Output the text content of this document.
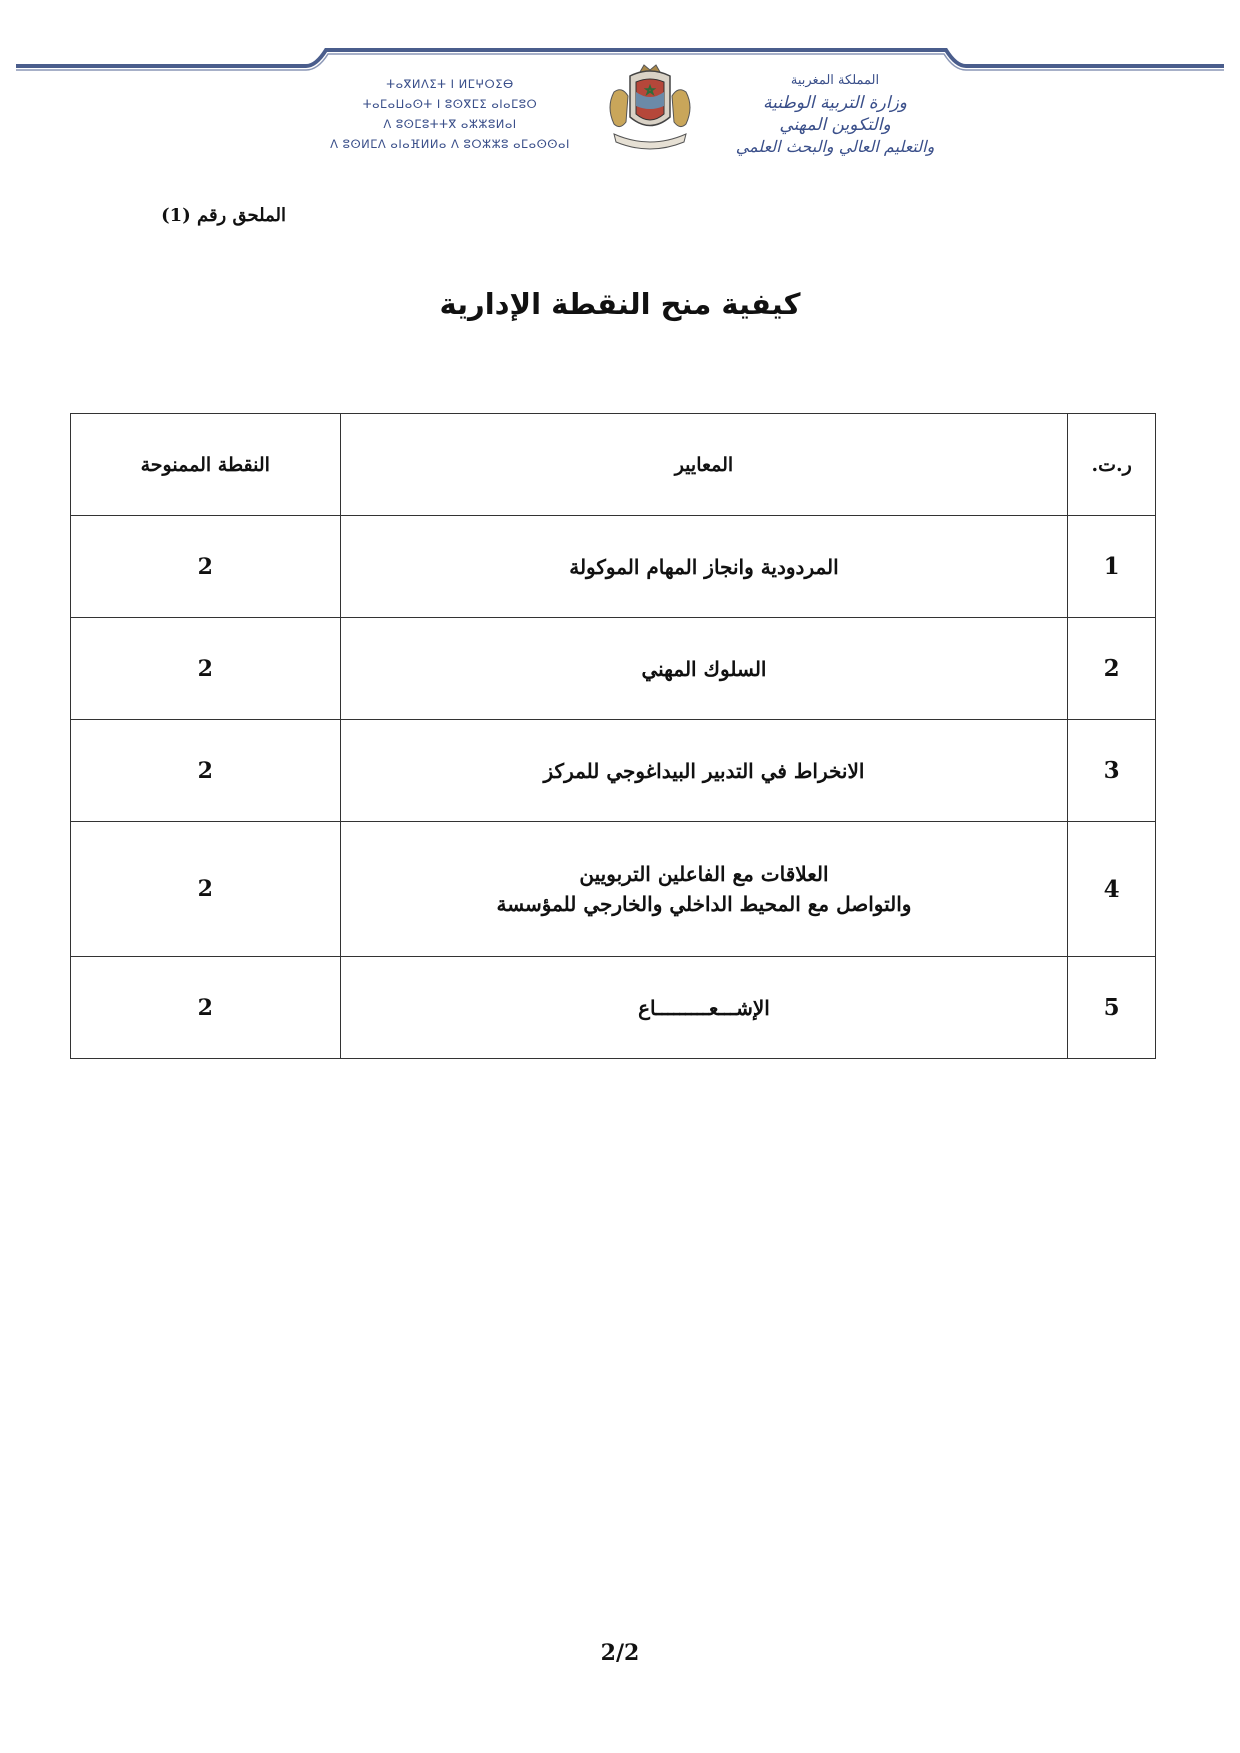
ⵜⴰⴳⵍⴷⵉⵜ ⵏ ⵍⵎⵖⵔⵉⴱ
ⵜⴰⵎⴰⵡⴰⵙⵜ ⵏ ⵓⵙⴳⵎⵉ ⴰⵏⴰⵎⵓⵔ
ⴷ ⵓⵙⵎⵓⵜⵜⴳ ⴰⵣⵣⵓⵍⴰⵏ
ⴷ ⵓⵙⵍⵎⴷ ⴰⵏⴰⴼⵍⵍⴰ ⴷ ⵓⵔⵣⵣⵓ ⴰⵎⴰⵙⵙⴰⵏ
المملكة المغربية
وزارة التربية الوطنية
والتكوين المهني
والتعليم العالي والبحث العلمي
الملحق رقم (1)
كيفية منح النقطة الإدارية
ر.ت.	المعايير	النقطة الممنوحة
1	المردودية وانجاز المهام الموكولة	2
2	السلوك المهني	2
3	الانخراط في التدبير البيداغوجي للمركز	2
4	العلاقات مع الفاعلين التربويين
والتواصل مع المحيط الداخلي والخارجي للمؤسسة	2
5	الإشـــعـــــــــاع	2
2/2
